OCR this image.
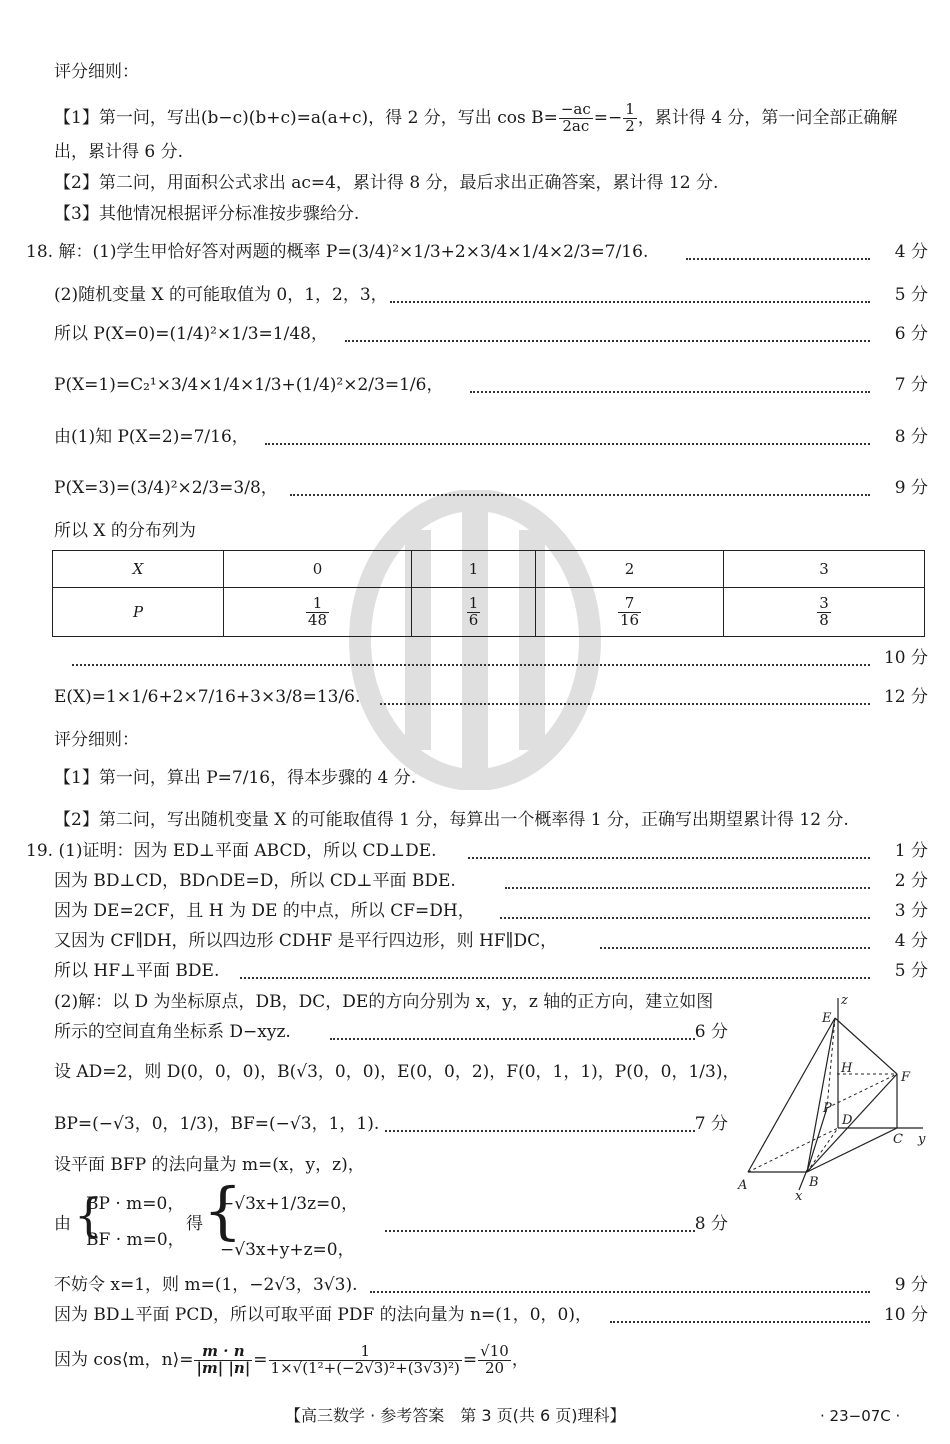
评分细则：
【1】第一问，写出(b−c)(b+c)=a(a+c)，得 2 分，写出 $\cos B= \frac{-ac}{2ac} =- \frac{1}{2}$ ，累计得 4 分，第一问全部正确解
出，累计得 6 分.
【2】第二问，用面积公式求出 ac=4，累计得 8 分，最后求出正确答案，累计得 12 分.
【3】其他情况根据评分标准按步骤给分.
18. 解：(1)学生甲恰好答对两题的概率 P=(3/4)²×1/3+2×3/4×1/4×2/3=7/16.	4 分
(2)随机变量 X 的可能取值为 0，1，2，3，	5 分
所以 P(X=0)=(1/4)²×1/3=1/48，	6 分
P(X=1)=C₂¹×3/4×1/4×1/3+(1/4)²×2/3=1/6，	7 分
由(1)知 P(X=2)=7/16，	8 分
P(X=3)=(3/4)²×2/3=3/8，	9 分
所以 X 的分布列为
X	0	1	2	3
P	$\frac{1}{48}$	$\frac{1}{6}$	$\frac{7}{16}$	$\frac{3}{8}$
10 分
E(X)=1×1/6+2×7/16+3×3/8=13/6.	12 分
评分细则：
【1】第一问，算出 P=7/16，得本步骤的 4 分.
【2】第二问，写出随机变量 X 的可能取值得 1 分，每算出一个概率得 1 分，正确写出期望累计得 12 分.
19. (1)证明：因为 ED⊥平面 ABCD，所以 CD⊥DE.	1 分
因为 BD⊥CD，BD∩DE=D，所以 CD⊥平面 BDE.	2 分
因为 DE=2CF，且 H 为 DE 的中点，所以 CF=DH，	3 分
又因为 CF∥DH，所以四边形 CDHF 是平行四边形，则 HF∥DC，	4 分
所以 HF⊥平面 BDE.	5 分
(2)解：以 D 为坐标原点，DB，DC，DE的方向分别为 x，y，z 轴的正方向，建立如图
所示的空间直角坐标系 D−xyz.	6 分
设 AD=2，则 D(0，0，0)，B(√3，0，0)，E(0，0，2)，F(0，1，1)，P(0，0，1/3)，
BP=(−√3，0，1/3)，BF=(−√3，1，1).	7 分
设平面 BFP 的法向量为 m=(x，y，z)，
由 {
BP · m=0，
BF · m=0，
得 {
−√3x+1/3z=0，
−√3x+y+z=0，
8 分
不妨令 x=1，则 m=(1，−2√3，3√3).	9 分
因为 BD⊥平面 PCD，所以可取平面 PDF 的法向量为 n=(1，0，0)，	10 分
因为 cos⟨m，n⟩= $\frac{m \cdot n}{|m| |n|} = \frac{1}{\text{1×√(1²+(−2√3)²+(3√3)²)}} = \frac{√10}{20}$ ，
z
E
H
F
P
D
C y
A	B
x
【高三数学 · 参考答案　第 3 页(共 6 页)理科】	· 23−07C ·
